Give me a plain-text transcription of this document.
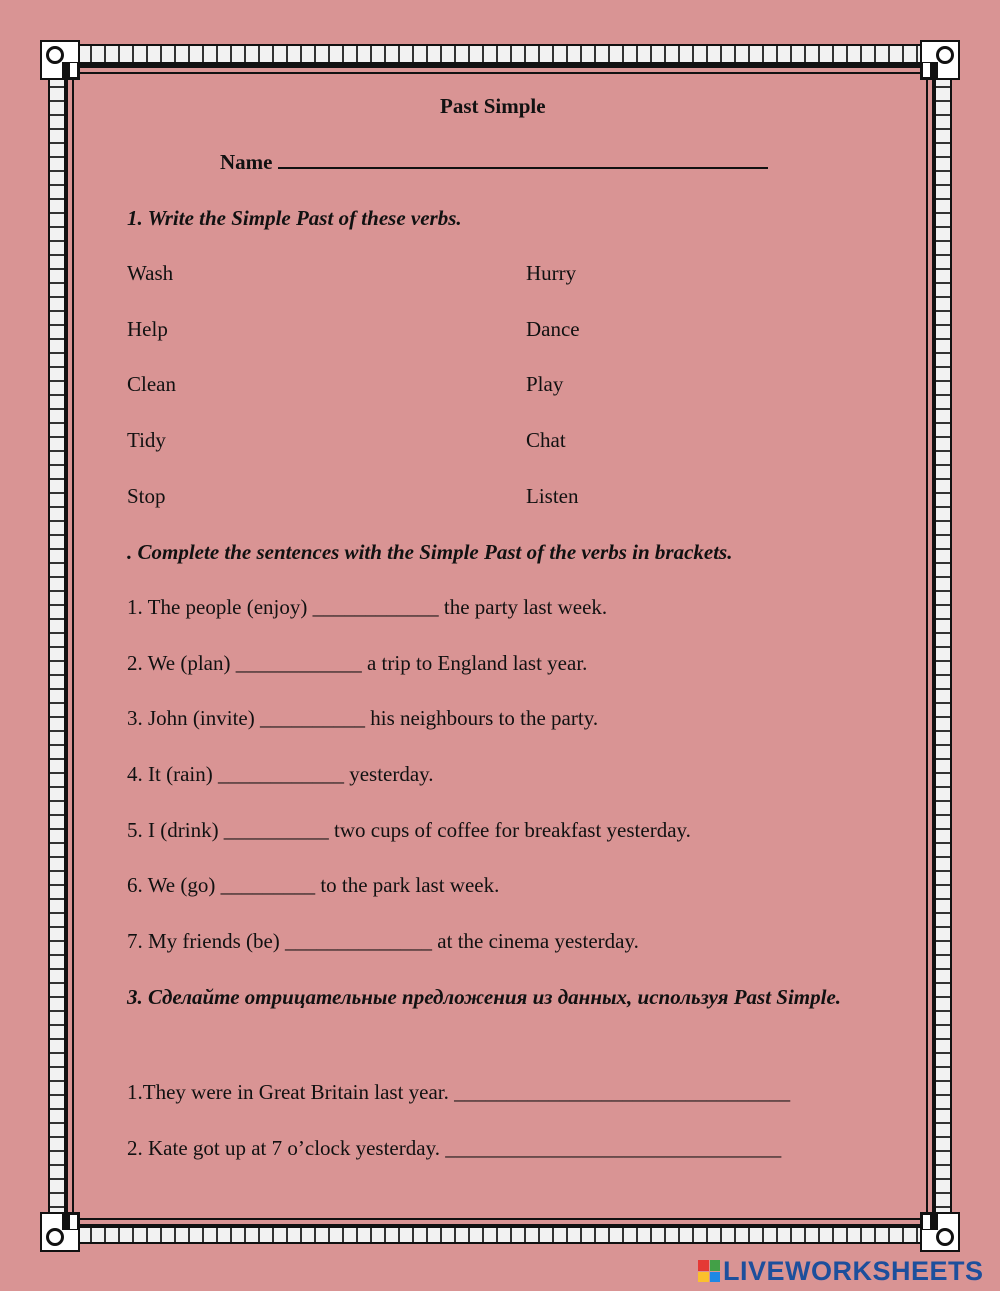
Past Simple
Name
1. Write the Simple Past of these verbs.
Wash
Help
Clean
Tidy
Stop
Hurry
Dance
Play
Chat
Listen
. Complete the sentences with the Simple Past of the verbs in brackets.
1. The people (enjoy) ____________ the party last week.
2. We (plan) ____________ a trip to England last year.
3. John (invite) __________ his neighbours to the party.
4. It (rain) ____________ yesterday.
5. I (drink) __________ two cups of coffee for breakfast yesterday.
6. We (go) _________ to the park last week.
7. My friends (be) ______________ at the cinema yesterday.
3. Сделайте отрицательные предложения из данных, используя Past Simple.
1.They were in Great Britain last year. ________________________________
2. Kate got up at 7 o’clock yesterday. ________________________________
LIVEWORKSHEETS
